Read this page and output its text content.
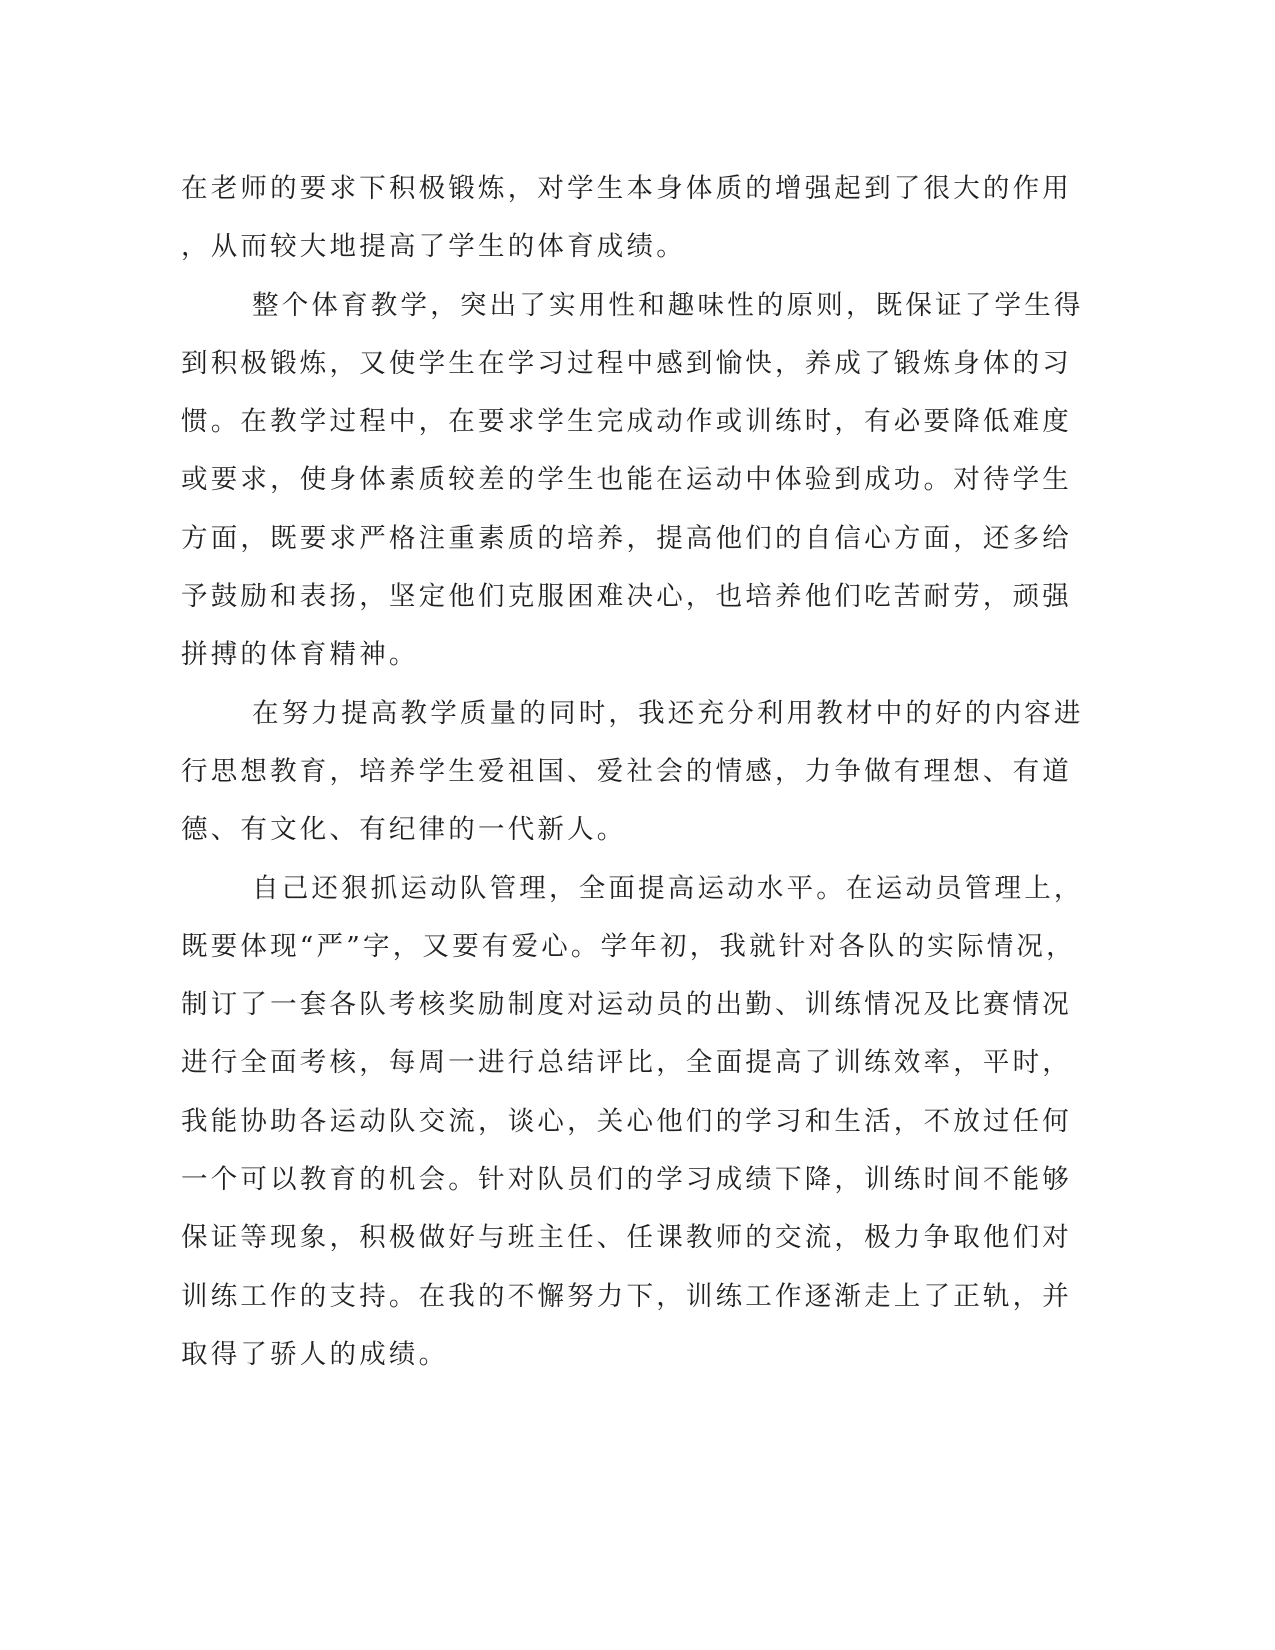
在老师的要求下积极锻炼，对学生本身体质的增强起到了很大的作用
，从而较大地提高了学生的体育成绩。
整个体育教学，突出了实用性和趣味性的原则，既保证了学生得
到积极锻炼，又使学生在学习过程中感到愉快，养成了锻炼身体的习
惯。在教学过程中，在要求学生完成动作或训练时，有必要降低难度
或要求，使身体素质较差的学生也能在运动中体验到成功。对待学生
方面，既要求严格注重素质的培养，提高他们的自信心方面，还多给
予鼓励和表扬，坚定他们克服困难决心，也培养他们吃苦耐劳，顽强
拼搏的体育精神。
在努力提高教学质量的同时，我还充分利用教材中的好的内容进
行思想教育，培养学生爱祖国、爱社会的情感，力争做有理想、有道
德、有文化、有纪律的一代新人。
自己还狠抓运动队管理，全面提高运动水平。在运动员管理上，
既要体现“严”字，又要有爱心。学年初，我就针对各队的实际情况，
制订了一套各队考核奖励制度对运动员的出勤、训练情况及比赛情况
进行全面考核，每周一进行总结评比，全面提高了训练效率，平时，
我能协助各运动队交流，谈心，关心他们的学习和生活，不放过任何
一个可以教育的机会。针对队员们的学习成绩下降，训练时间不能够
保证等现象，积极做好与班主任、任课教师的交流，极力争取他们对
训练工作的支持。在我的不懈努力下，训练工作逐渐走上了正轨，并
取得了骄人的成绩。
